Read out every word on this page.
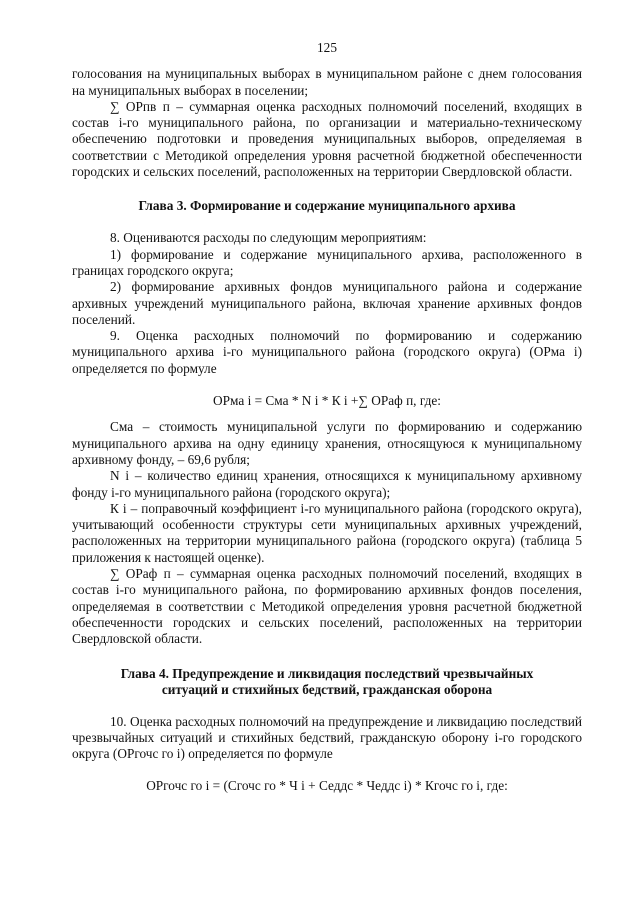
125

голосования на муниципальных выборах в муниципальном районе с днем голосования на муниципальных выборах в поселении;

∑ ОРпв п – суммарная оценка расходных полномочий поселений, входящих в состав i-го муниципального района, по организации и материально-техническому обеспечению подготовки и проведения муниципальных выборов, определяемая в соответствии с Методикой определения уровня расчетной бюджетной обеспеченности городских и сельских поселений, расположенных на территории Свердловской области.

Глава 3. Формирование и содержание муниципального архива

8. Оцениваются расходы по следующим мероприятиям:

1) формирование и содержание муниципального архива, расположенного в границах городского округа;

2) формирование архивных фондов муниципального района и содержание архивных учреждений муниципального района, включая хранение архивных фондов поселений.

9. Оценка расходных полномочий по формированию и содержанию муниципального архива i-го муниципального района (городского округа) (ОРма i) определяется по формуле

ОРма i = Сма * N i * К i +∑ ОРаф п, где:

Сма – стоимость муниципальной услуги по формированию и содержанию муниципального архива на одну единицу хранения, относящуюся к муниципальному архивному фонду, – 69,6 рубля;

N i – количество единиц хранения, относящихся к муниципальному архивному фонду i-го муниципального района (городского округа);

К i – поправочный коэффициент i-го муниципального района (городского округа), учитывающий особенности структуры сети муниципальных архивных учреждений, расположенных на территории муниципального района (городского округа) (таблица 5 приложения к настоящей оценке).

∑ ОРаф п – суммарная оценка расходных полномочий поселений, входящих в состав i-го муниципального района, по формированию архивных фондов поселения, определяемая в соответствии с Методикой определения уровня расчетной бюджетной обеспеченности городских и сельских поселений, расположенных на территории Свердловской области.

Глава 4. Предупреждение и ликвидация последствий чрезвычайных
ситуаций и стихийных бедствий, гражданская оборона

10. Оценка расходных полномочий на предупреждение и ликвидацию последствий чрезвычайных ситуаций и стихийных бедствий, гражданскую оборону i-го городского округа (ОРгочс го i) определяется по формуле

ОРгочс го i = (Сгочс го * Ч i + Седдс * Чеддс i) * Кгочс го i, где:
